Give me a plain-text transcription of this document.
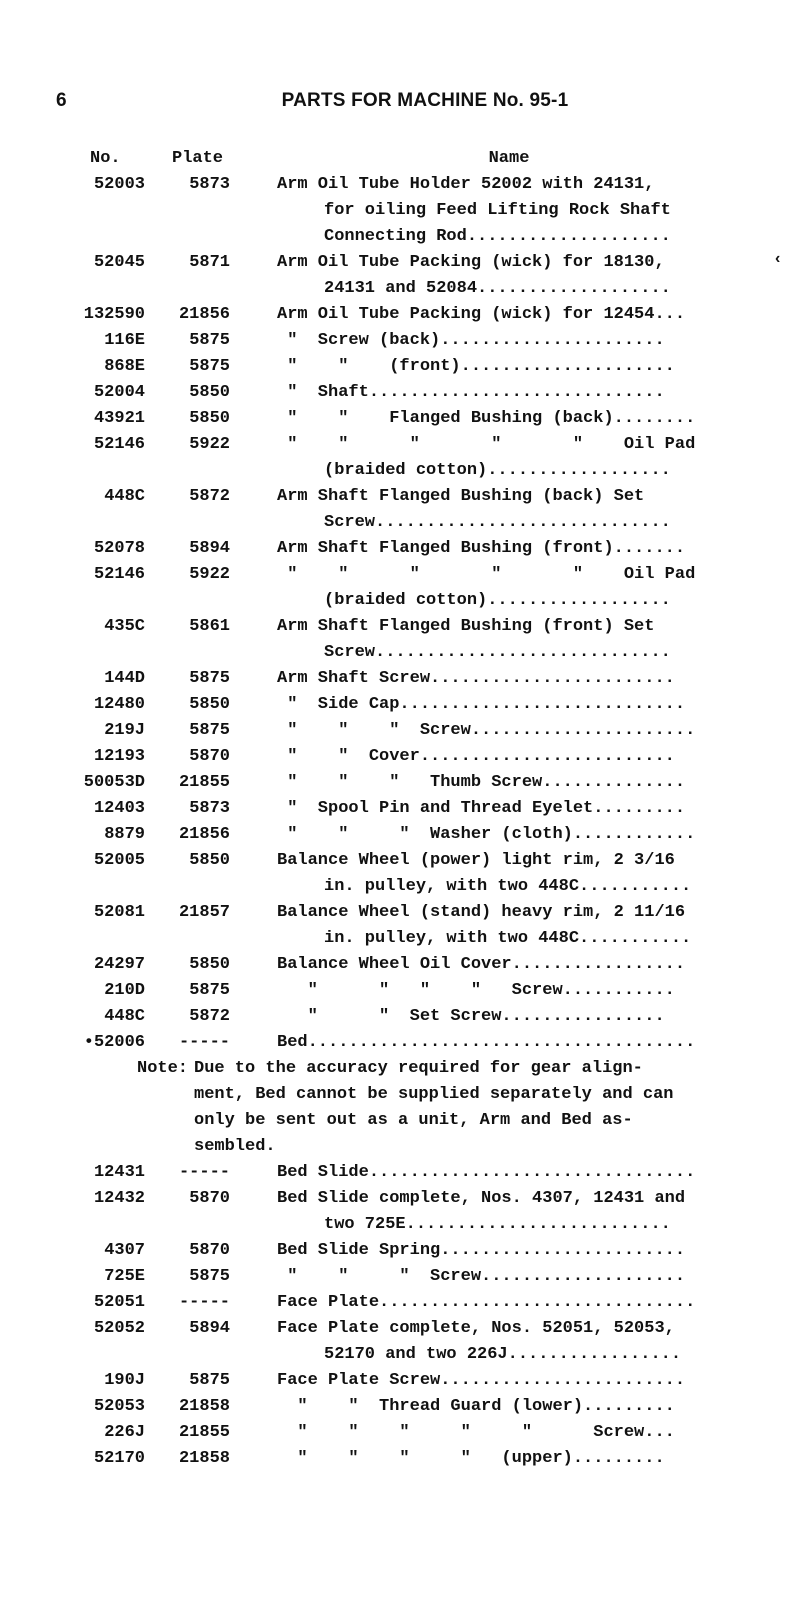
6	PARTS FOR MACHINE No. 95-1
No.	Plate	Name
52003	5873	Arm Oil Tube Holder 52002 with 24131,
for oiling Feed Lifting Rock Shaft
Connecting Rod....................
52045	5871	Arm Oil Tube Packing (wick) for 18130,
24131 and 52084...................
132590 21856	Arm Oil Tube Packing (wick) for 12454...
116E	5875	"  Screw (back)......................
868E	5875	"    "    (front).....................
52004	5850	"  Shaft.............................
43921	5850	"    "    Flanged Bushing (back)........
52146	5922	"    "      "       "       "    Oil Pad
(braided cotton)..................
448C	5872	Arm Shaft Flanged Bushing (back) Set
Screw.............................
52078	5894	Arm Shaft Flanged Bushing (front).......
52146	5922	"    "      "       "       "    Oil Pad
(braided cotton)..................
435C	5861	Arm Shaft Flanged Bushing (front) Set
Screw.............................
144D	5875	Arm Shaft Screw........................
12480	5850	"  Side Cap............................
219J	5875	"    "    "  Screw......................
12193	5870	"    "  Cover.........................
50053D 21855	"    "    "   Thumb Screw..............
12403	5873	"  Spool Pin and Thread Eyelet.........
8879 21856	"    "     "  Washer (cloth)............
52005	5850	Balance Wheel (power) light rim, 2 3/16
in. pulley, with two 448C...........
52081 21857	Balance Wheel (stand) heavy rim, 2 11/16
in. pulley, with two 448C...........
24297	5850	Balance Wheel Oil Cover.................
210D	5875	"      "   "    "   Screw...........
448C	5872	"      "  Set Screw................
•52006 -----	Bed......................................
Note: Due to the accuracy required for gear align-
ment, Bed cannot be supplied separately and can
only be sent out as a unit, Arm and Bed as-
sembled.
12431 -----	Bed Slide................................
12432	5870	Bed Slide complete, Nos. 4307, 12431 and
two 725E..........................
4307	5870	Bed Slide Spring........................
725E	5875	"    "     "  Screw....................
52051 -----	Face Plate...............................
52052	5894	Face Plate complete, Nos. 52051, 52053,
52170 and two 226J.................
190J	5875	Face Plate Screw........................
52053 21858	"    "  Thread Guard (lower).........
226J 21855	"    "    "     "     "      Screw...
52170 21858	"    "    "     "   (upper).........
‹
